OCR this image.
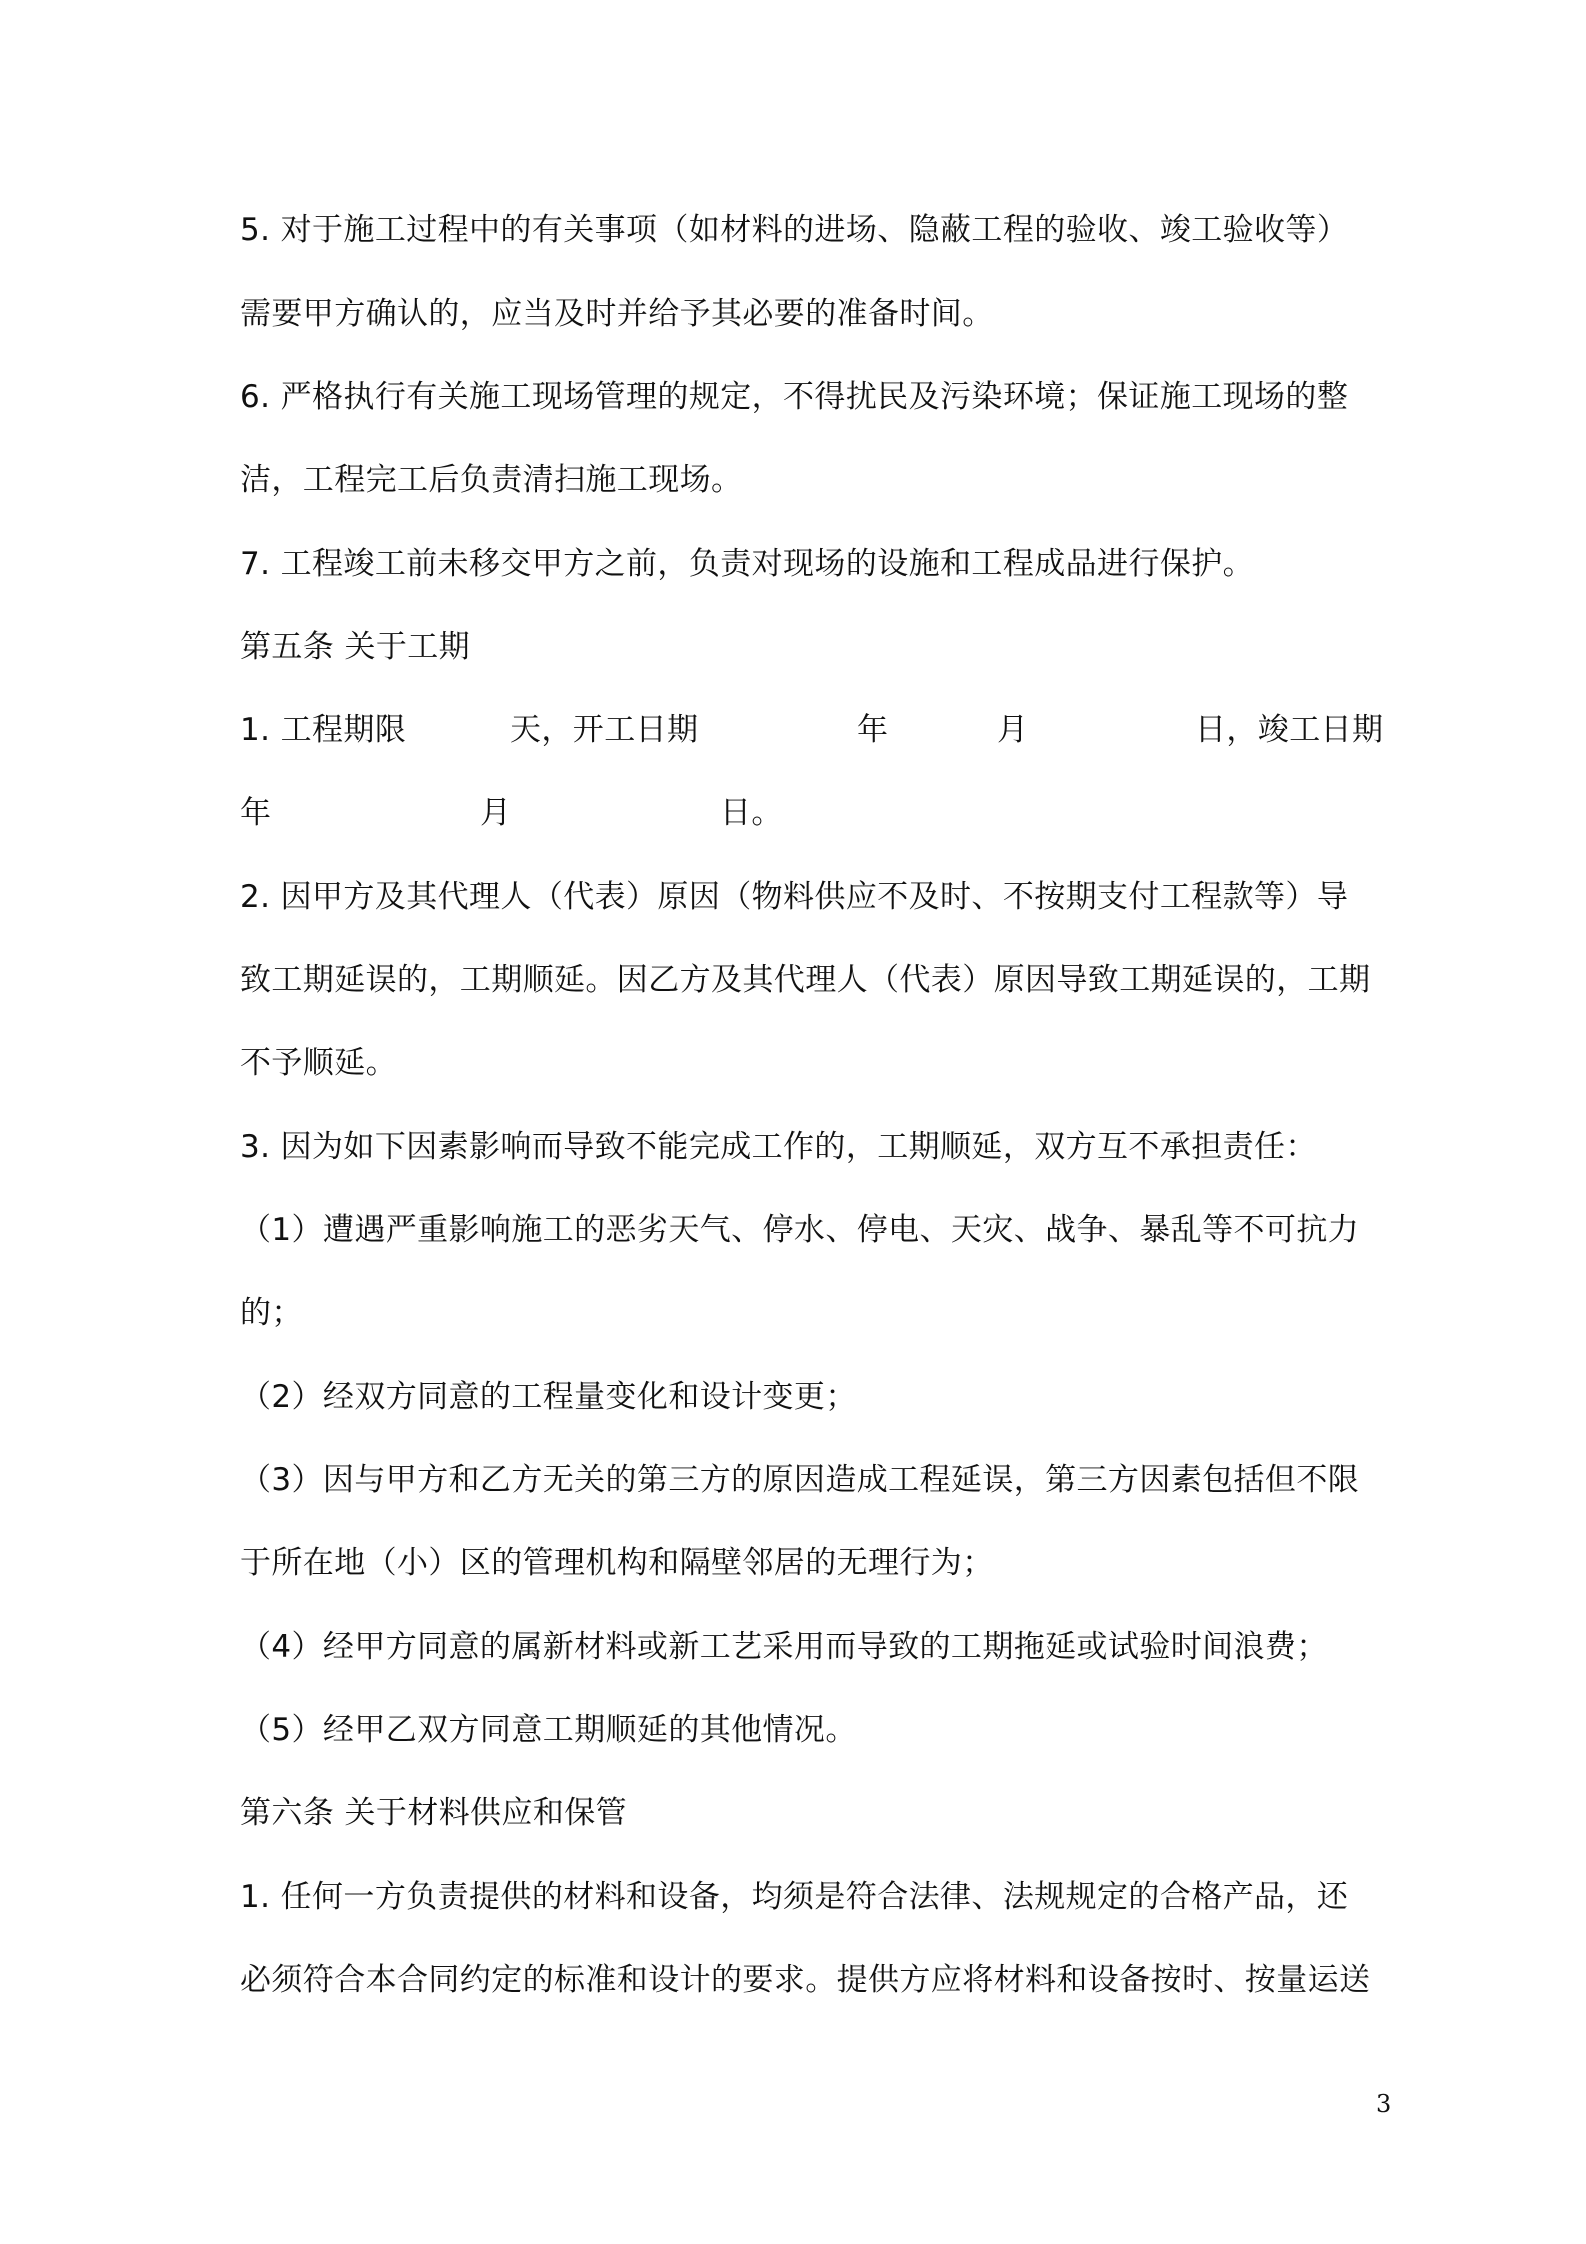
5. 对于施工过程中的有关事项（如材料的进场、隐蔽工程的验收、竣工验收等）
需要甲方确认的，应当及时并给予其必要的准备时间。
6. 严格执行有关施工现场管理的规定，不得扰民及污染环境；保证施工现场的整
洁，工程完工后负责清扫施工现场。
7. 工程竣工前未移交甲方之前，负责对现场的设施和工程成品进行保护。
第五条 关于工期
1. 工程期限	天，开工日期	年	月	日，竣工日期
年	月	日。
2. 因甲方及其代理人（代表）原因（物料供应不及时、不按期支付工程款等）导
致工期延误的，工期顺延。因乙方及其代理人（代表）原因导致工期延误的，工期
不予顺延。
3. 因为如下因素影响而导致不能完成工作的，工期顺延，双方互不承担责任：
（1）遭遇严重影响施工的恶劣天气、停水、停电、天灾、战争、暴乱等不可抗力
的；
（2）经双方同意的工程量变化和设计变更；
（3）因与甲方和乙方无关的第三方的原因造成工程延误，第三方因素包括但不限
于所在地（小）区的管理机构和隔壁邻居的无理行为；
（4）经甲方同意的属新材料或新工艺采用而导致的工期拖延或试验时间浪费；
（5）经甲乙双方同意工期顺延的其他情况。
第六条 关于材料供应和保管
1. 任何一方负责提供的材料和设备，均须是符合法律、法规规定的合格产品，还
必须符合本合同约定的标准和设计的要求。提供方应将材料和设备按时、按量运送
3
